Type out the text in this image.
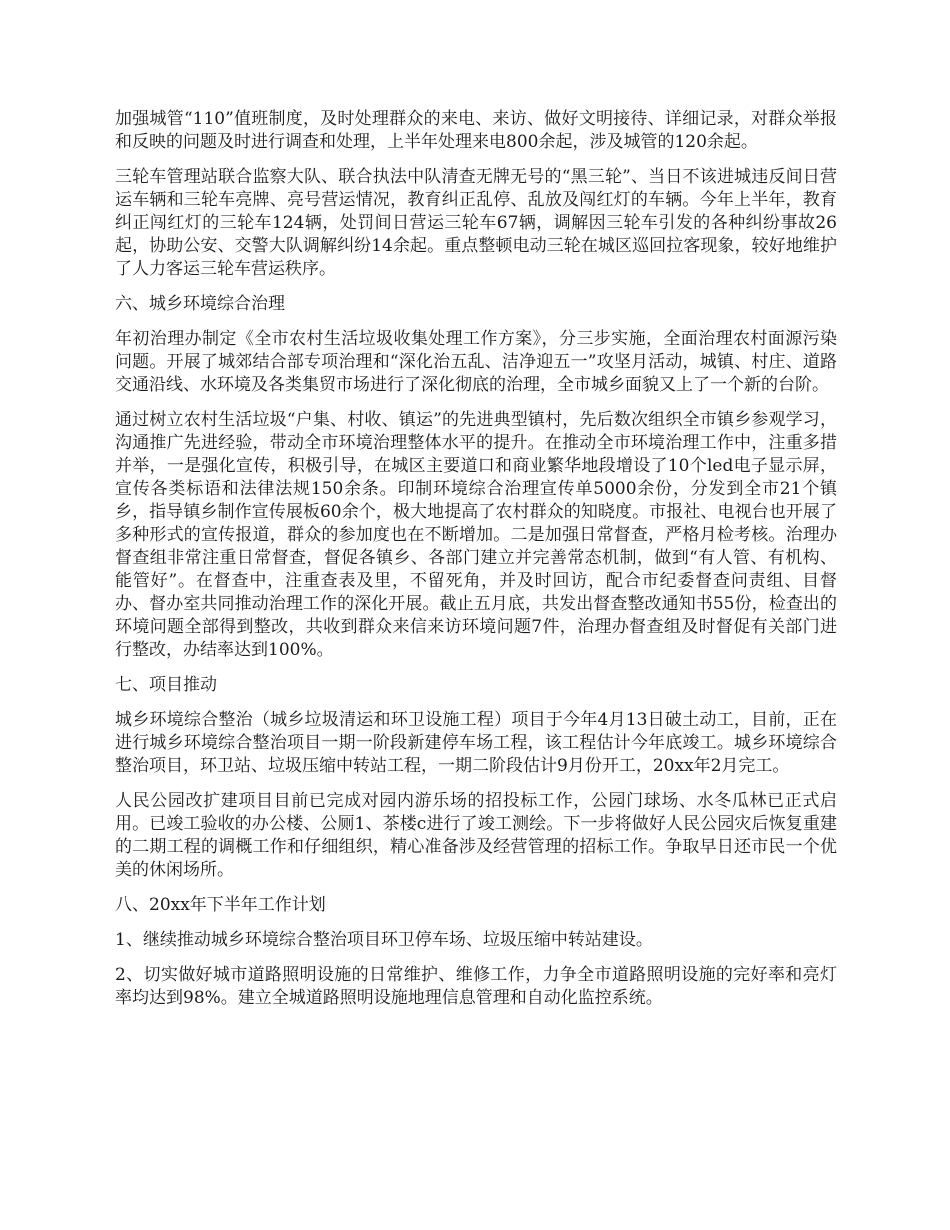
加强城管“110”值班制度，及时处理群众的来电、来访、做好文明接待、详细记录，对群众举报和反映的问题及时进行调查和处理，上半年处理来电800余起，涉及城管的120余起。

三轮车管理站联合监察大队、联合执法中队清查无牌无号的“黑三轮”、当日不该进城违反间日营运车辆和三轮车亮牌、亮号营运情况，教育纠正乱停、乱放及闯红灯的车辆。今年上半年，教育纠正闯红灯的三轮车124辆，处罚间日营运三轮车67辆，调解因三轮车引发的各种纠纷事故26起，协助公安、交警大队调解纠纷14余起。重点整顿电动三轮在城区巡回拉客现象，较好地维护了人力客运三轮车营运秩序。

六、城乡环境综合治理

年初治理办制定《全市农村生活垃圾收集处理工作方案》，分三步实施，全面治理农村面源污染问题。开展了城郊结合部专项治理和“深化治五乱、洁净迎五一”攻坚月活动，城镇、村庄、道路交通沿线、水环境及各类集贸市场进行了深化彻底的治理，全市城乡面貌又上了一个新的台阶。

通过树立农村生活垃圾“户集、村收、镇运”的先进典型镇村，先后数次组织全市镇乡参观学习，沟通推广先进经验，带动全市环境治理整体水平的提升。在推动全市环境治理工作中，注重多措并举，一是强化宣传，积极引导，在城区主要道口和商业繁华地段增设了10个led电子显示屏，宣传各类标语和法律法规150余条。印制环境综合治理宣传单5000余份，分发到全市21个镇乡，指导镇乡制作宣传展板60余个，极大地提高了农村群众的知晓度。市报社、电视台也开展了多种形式的宣传报道，群众的参加度也在不断增加。二是加强日常督查，严格月检考核。治理办督查组非常注重日常督查，督促各镇乡、各部门建立并完善常态机制，做到“有人管、有机构、能管好”。在督查中，注重查表及里，不留死角，并及时回访，配合市纪委督查问责组、目督办、督办室共同推动治理工作的深化开展。截止五月底，共发出督查整改通知书55份，检查出的环境问题全部得到整改，共收到群众来信来访环境问题7件，治理办督查组及时督促有关部门进行整改，办结率达到100%。

七、项目推动

城乡环境综合整治（城乡垃圾清运和环卫设施工程）项目于今年4月13日破土动工，目前，正在进行城乡环境综合整治项目一期一阶段新建停车场工程，该工程估计今年底竣工。城乡环境综合整治项目，环卫站、垃圾压缩中转站工程，一期二阶段估计9月份开工，20xx年2月完工。

人民公园改扩建项目目前已完成对园内游乐场的招投标工作，公园门球场、水冬瓜林已正式启用。已竣工验收的办公楼、公厕1、茶楼c进行了竣工测绘。下一步将做好人民公园灾后恢复重建的二期工程的调概工作和仔细组织，精心准备涉及经营管理的招标工作。争取早日还市民一个优美的休闲场所。

八、20xx年下半年工作计划

1、继续推动城乡环境综合整治项目环卫停车场、垃圾压缩中转站建设。

2、切实做好城市道路照明设施的日常维护、维修工作，力争全市道路照明设施的完好率和亮灯率均达到98%。建立全城道路照明设施地理信息管理和自动化监控系统。
